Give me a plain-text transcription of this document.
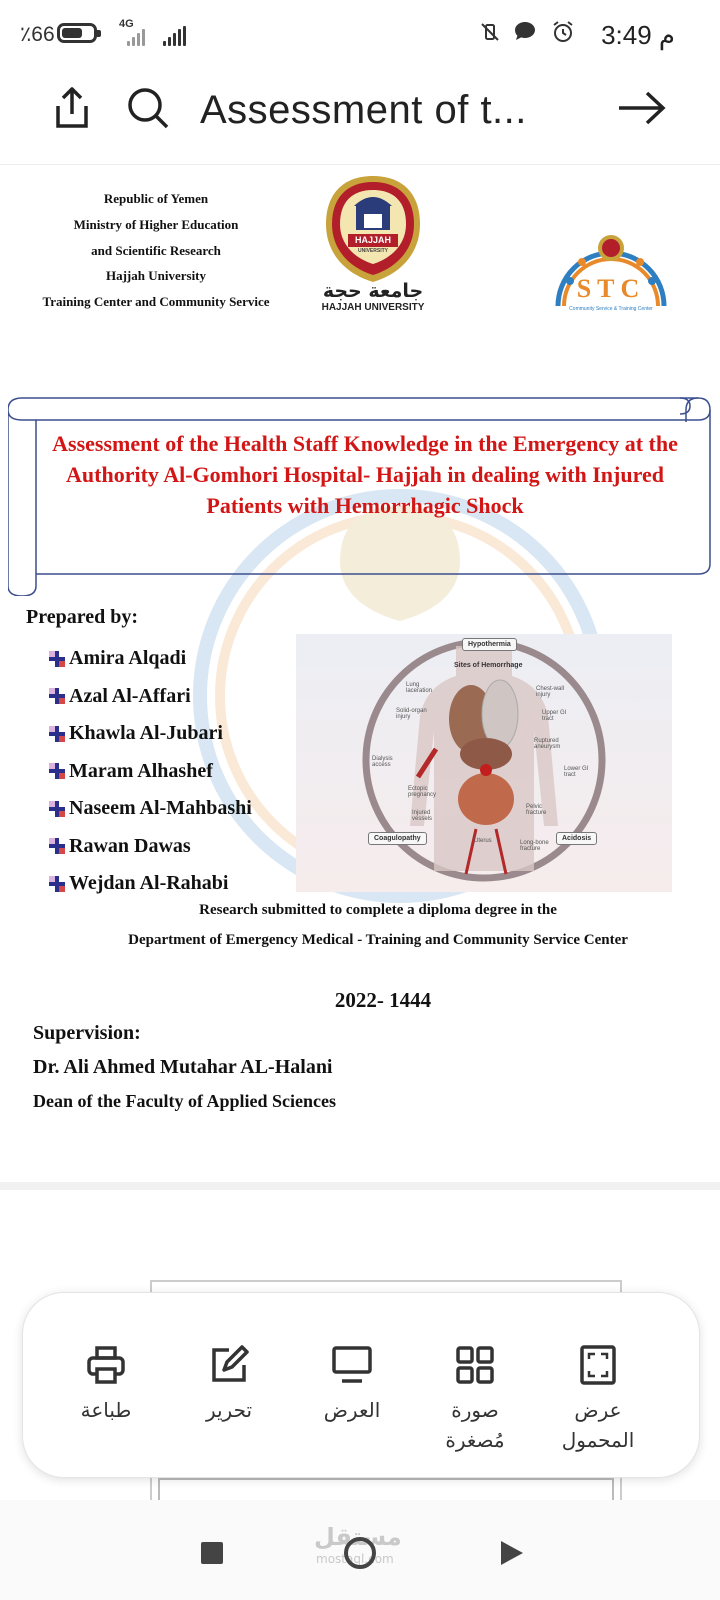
٪66	4G	3:49 م
Assessment of t...
Republic of Yemen
Ministry of Higher Education
and Scientific Research
Hajjah University
Training Center and Community Service
HAJJAH
UNIVERSITY
جامعة حجة
HAJJAH UNIVERSITY
STC
Community Service & Training Center
Assessment of the Health Staff Knowledge in the Emergency at the Authority Al-Gomhori Hospital- Hajjah in dealing with Injured Patients with Hemorrhagic Shock
Prepared by:
Amira Alqadi
Azal Al-Affari
Khawla Al-Jubari
Maram Alhashef
Naseem Al-Mahbashi
Rawan Dawas
Wejdan Al-Rahabi
Hypothermia
Sites of Hemorrhage
Coagulopathy	Acidosis
Lung laceration
Solid-organ injury
Dialysis access
Ectopic pregnancy
Injured vessels
Chest-wall injury
Upper GI tract
Ruptured aneurysm
Lower GI tract
Pelvic fracture
Long-bone fracture
Uterus
Research submitted to complete a diploma degree in the
Department of Emergency Medical - Training and Community Service Center
2022- 1444
Supervision:
Dr. Ali Ahmed Mutahar AL-Halani
Dean of the Faculty of Applied Sciences
طباعة	تحرير	العرض	صورة مُصغرة
عرض المحمول
مستقل
mostaql.com
